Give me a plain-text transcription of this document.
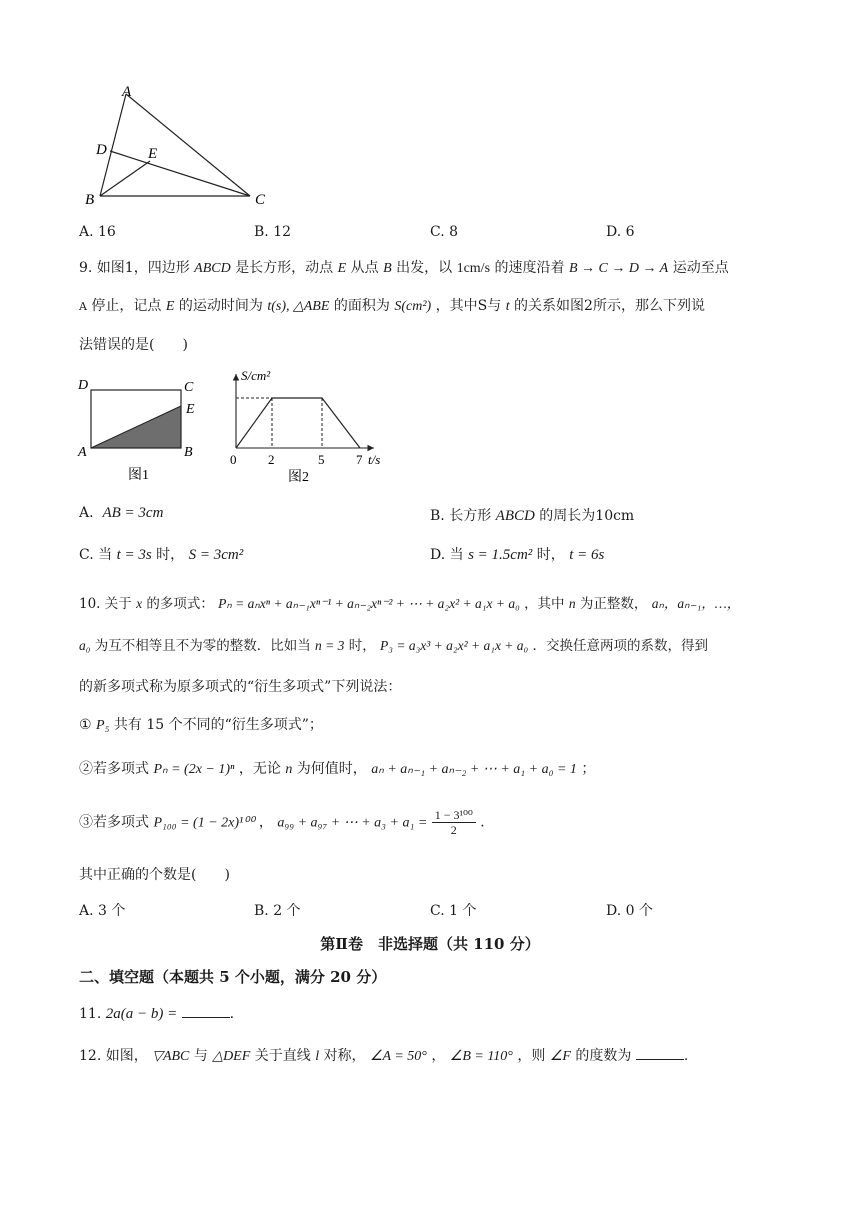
A
D	E
B	C
A. 16	B. 12	C. 8	D. 6
9. 如图1，四边形 ABCD 是长方形，动点 E 从点 B 出发，以 1cm/s 的速度沿着 B → C → D → A 运动至点
A 停止，记点 E 的运动时间为 t(s), △ABE 的面积为 S(cm²) ，其中S与 t 的关系如图2所示，那么下列说
法错误的是(　　)
D	C
E
A	B
图1
S/cm²
t/s
0 2	5 7
图2
A. AB = 3cm	B. 长方形 ABCD 的周长为10cm
C. 当 t = 3s 时， S = 3cm²	D. 当 s = 1.5cm² 时， t = 6s
10. 关于 x 的多项式： Pₙ = aₙxⁿ + aₙ₋₁xⁿ⁻¹ + aₙ₋₂xⁿ⁻² + ⋯ + a₂x² + a₁x + a₀ ，其中 n 为正整数， aₙ，aₙ₋₁，…，
a₀ 为互不相等且不为零的整数．比如当 n = 3 时， P₃ = a₃x³ + a₂x² + a₁x + a₀ ．交换任意两项的系数，得到
的新多项式称为原多项式的“衍生多项式”下列说法：
① P₅ 共有 15 个不同的“衍生多项式”；
②若多项式 Pₙ = (2x − 1)ⁿ ，无论 n 为何值时， aₙ + aₙ₋₁ + aₙ₋₂ + ⋯ + a₁ + a₀ = 1 ；
③若多项式 P₁₀₀ = (1 − 2x)¹⁰⁰ ， a₉₉ + a₉₇ + ⋯ + $a_3 + a_1 = \frac{\text{1 − 3¹⁰⁰}}{2}$ ．
其中正确的个数是(　　)
A. 3 个	B. 2 个	C. 1 个	D. 0 个
第Ⅱ卷　非选择题（共 110 分）
二、填空题（本题共 5 个小题，满分 20 分）
11. 2a(a − b) =	.
12. 如图， ▽ABC 与 △DEF 关于直线 l 对称， ∠A = 50° ， ∠B = 110° ，则 ∠F 的度数为	.
